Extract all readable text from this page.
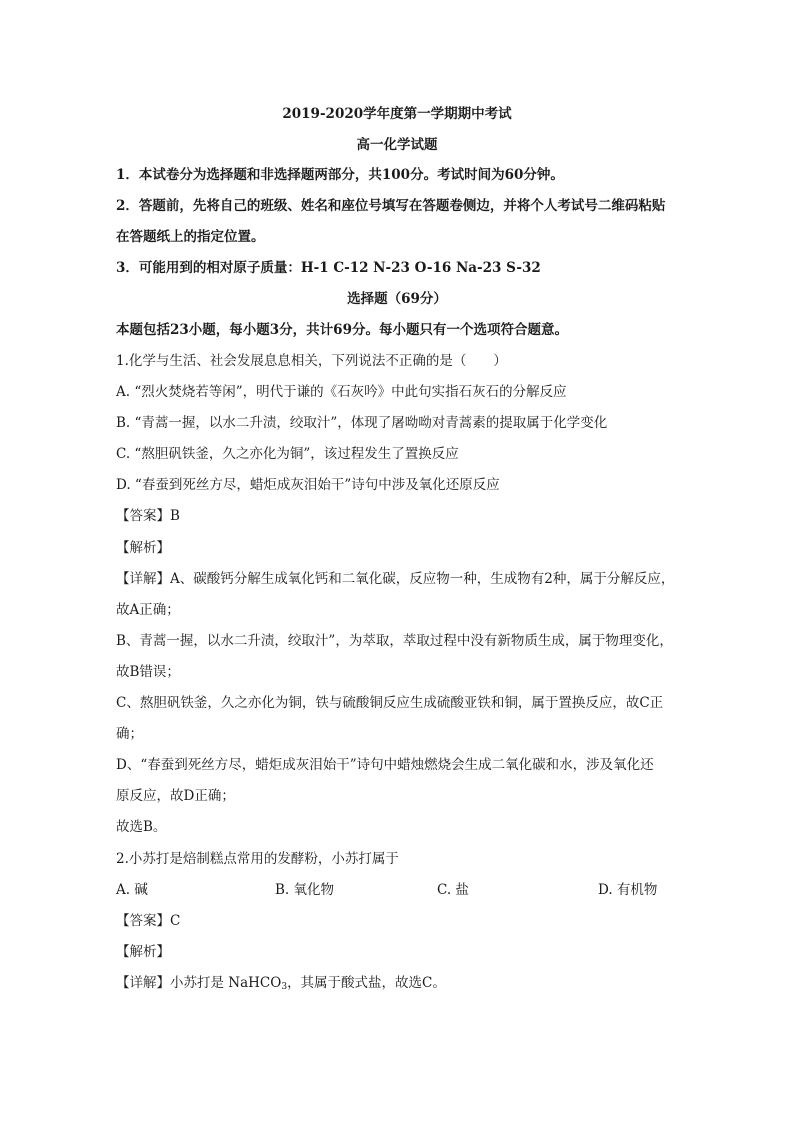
2019-2020学年度第一学期期中考试
高一化学试题
1．本试卷分为选择题和非选择题两部分，共100分。考试时间为60分钟。
2．答题前，先将自己的班级、姓名和座位号填写在答题卷侧边，并将个人考试号二维码粘贴
在答题纸上的指定位置。
3．可能用到的相对原子质量：H-1 C-12 N-23 O-16 Na-23 S-32
选择题（69分）
本题包括23小题，每小题3分，共计69分。每小题只有一个选项符合题意。
1.化学与生活、社会发展息息相关，下列说法不正确的是（　　）
A. “烈火焚烧若等闲”，明代于谦的《石灰吟》中此句实指石灰石的分解反应
B. “青蒿一握，以水二升渍，绞取汁”，体现了屠呦呦对青蒿素的提取属于化学变化
C. “熬胆矾铁釜，久之亦化为铜”，该过程发生了置换反应
D. “春蚕到死丝方尽，蜡炬成灰泪始干”诗句中涉及氧化还原反应
【答案】B
【解析】
【详解】A、碳酸钙分解生成氧化钙和二氧化碳，反应物一种，生成物有2种，属于分解反应，
故A正确；
B、青蒿一握，以水二升渍，绞取汁”，为萃取，萃取过程中没有新物质生成，属于物理变化，
故B错误；
C、熬胆矾铁釜，久之亦化为铜，铁与硫酸铜反应生成硫酸亚铁和铜，属于置换反应，故C正
确；
D、“春蚕到死丝方尽，蜡炬成灰泪始干”诗句中蜡烛燃烧会生成二氧化碳和水，涉及氧化还
原反应，故D正确；
故选B。
2.小苏打是焙制糕点常用的发酵粉，小苏打属于
A. 碱	B. 氧化物	C. 盐	D. 有机物
【答案】C
【解析】
【详解】小苏打是 NaHCO$_3$，其属于酸式盐，故选C。
